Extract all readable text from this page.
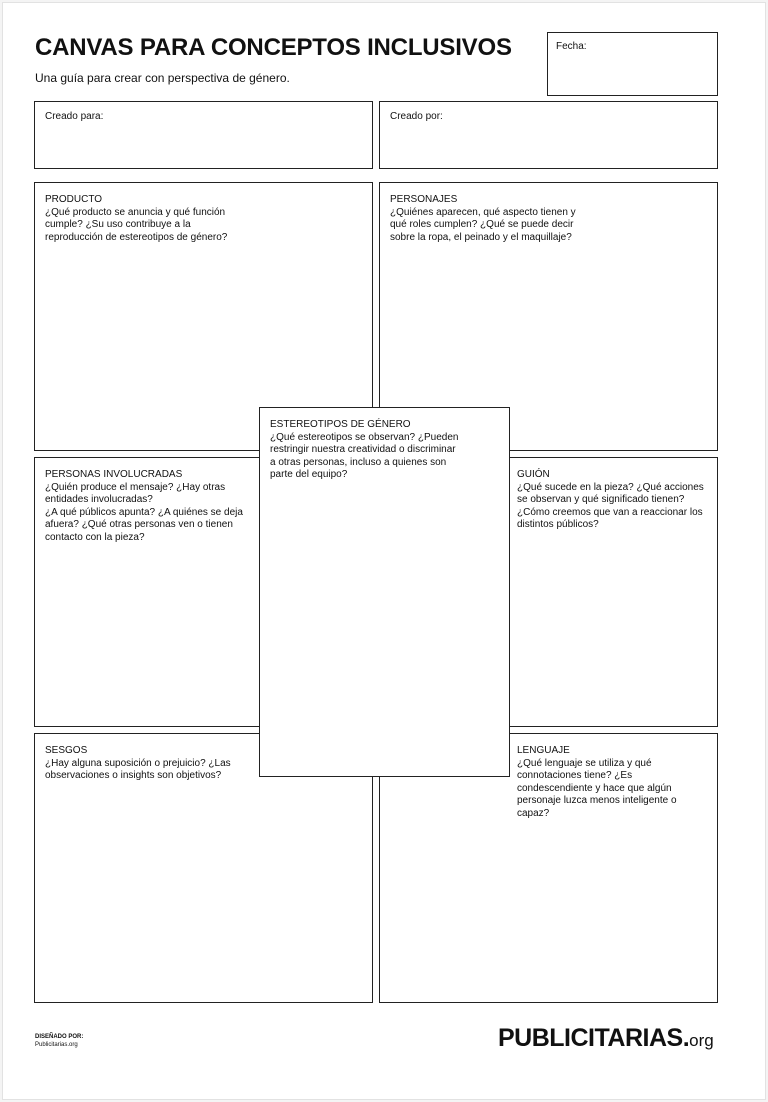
CANVAS PARA CONCEPTOS INCLUSIVOS

Una guía para crear con perspectiva de género.

Fecha:
Creado para:	Creado por:
PRODUCTO
¿Qué producto se anuncia y qué función
cumple? ¿Su uso contribuye a la
reproducción de estereotipos de género?
PERSONAJES
¿Quiénes aparecen, qué aspecto tienen y
qué roles cumplen? ¿Qué se puede decir
sobre la ropa, el peinado y el maquillaje?
PERSONAS INVOLUCRADAS
¿Quién produce el mensaje? ¿Hay otras
entidades involucradas?
¿A qué públicos apunta? ¿A quiénes se deja
afuera? ¿Qué otras personas ven o tienen
contacto con la pieza?
GUIÓN
¿Qué sucede en la pieza? ¿Qué acciones
se observan y qué significado tienen?
¿Cómo creemos que van a reaccionar los
distintos públicos?
SESGOS
¿Hay alguna suposición o prejuicio? ¿Las
observaciones o insights son objetivos?
LENGUAJE
¿Qué lenguaje se utiliza y qué
connotaciones tiene? ¿Es
condescendiente y hace que algún
personaje luzca menos inteligente o
capaz?
ESTEREOTIPOS DE GÉNERO
¿Qué estereotipos se observan? ¿Pueden
restringir nuestra creatividad o discriminar
a otras personas, incluso a quienes son
parte del equipo?
DISEÑADO POR:
Publicitarias.org	PUBLICITARIAS.org
